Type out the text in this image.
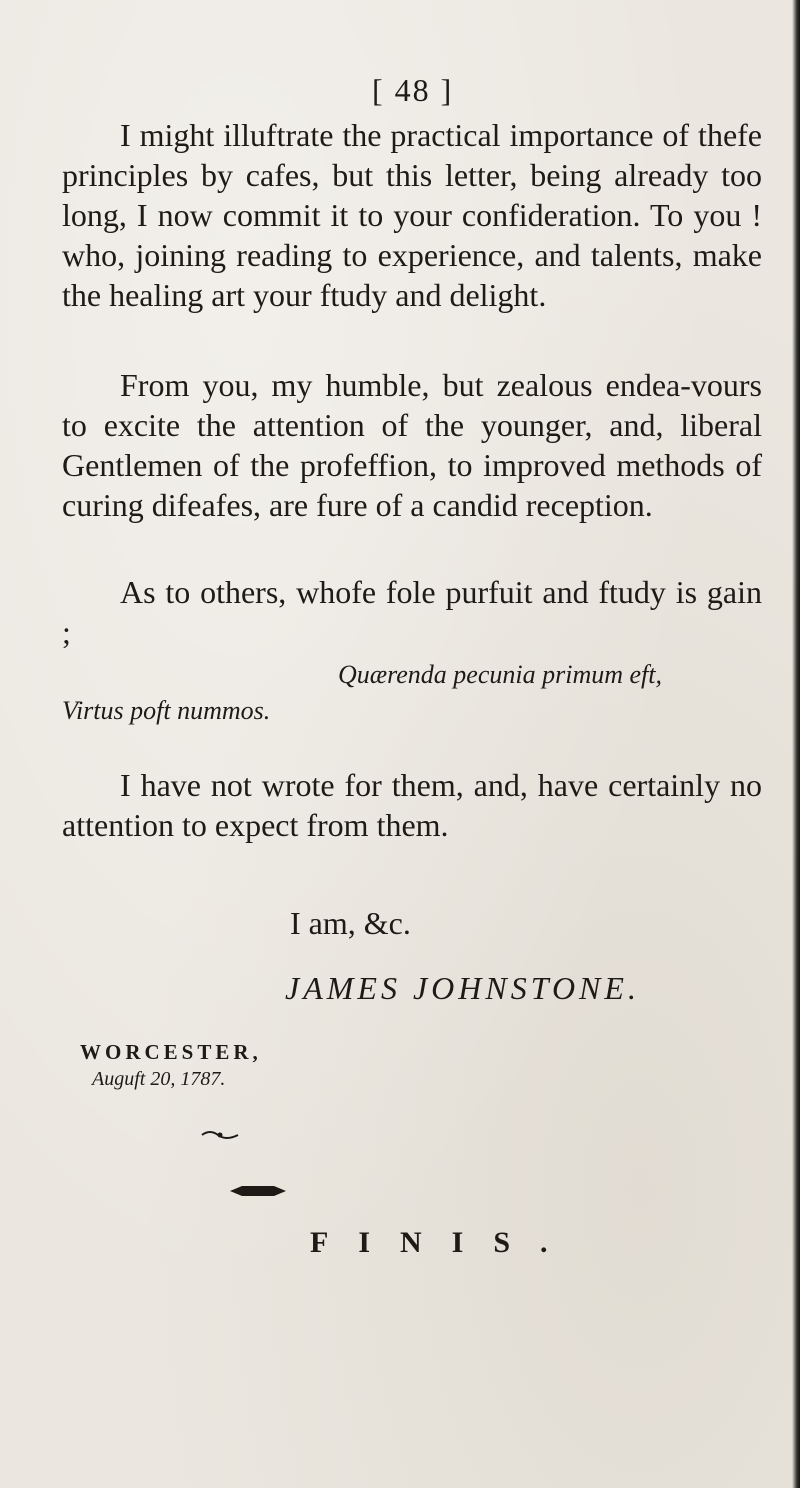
[ 48 ]

I might illuftrate the practical importance of thefe principles by cafes, but this letter, being already too long, I now commit it to your confideration. To you ! who, joining reading to experience, and talents, make the healing art your ftudy and delight.

From you, my humble, but zealous endea-vours to excite the attention of the younger, and, liberal Gentlemen of the profeffion, to improved methods of curing difeafes, are fure of a candid reception.

As to others, whofe fole purfuit and ftudy is gain ;

Quærenda pecunia primum eft,
Virtus poft nummos.

I have not wrote for them, and, have certainly no attention to expect from them.

I am, &c.
JAMES JOHNSTONE.
WORCESTER,
Auguft 20, 1787.
FINIS.
